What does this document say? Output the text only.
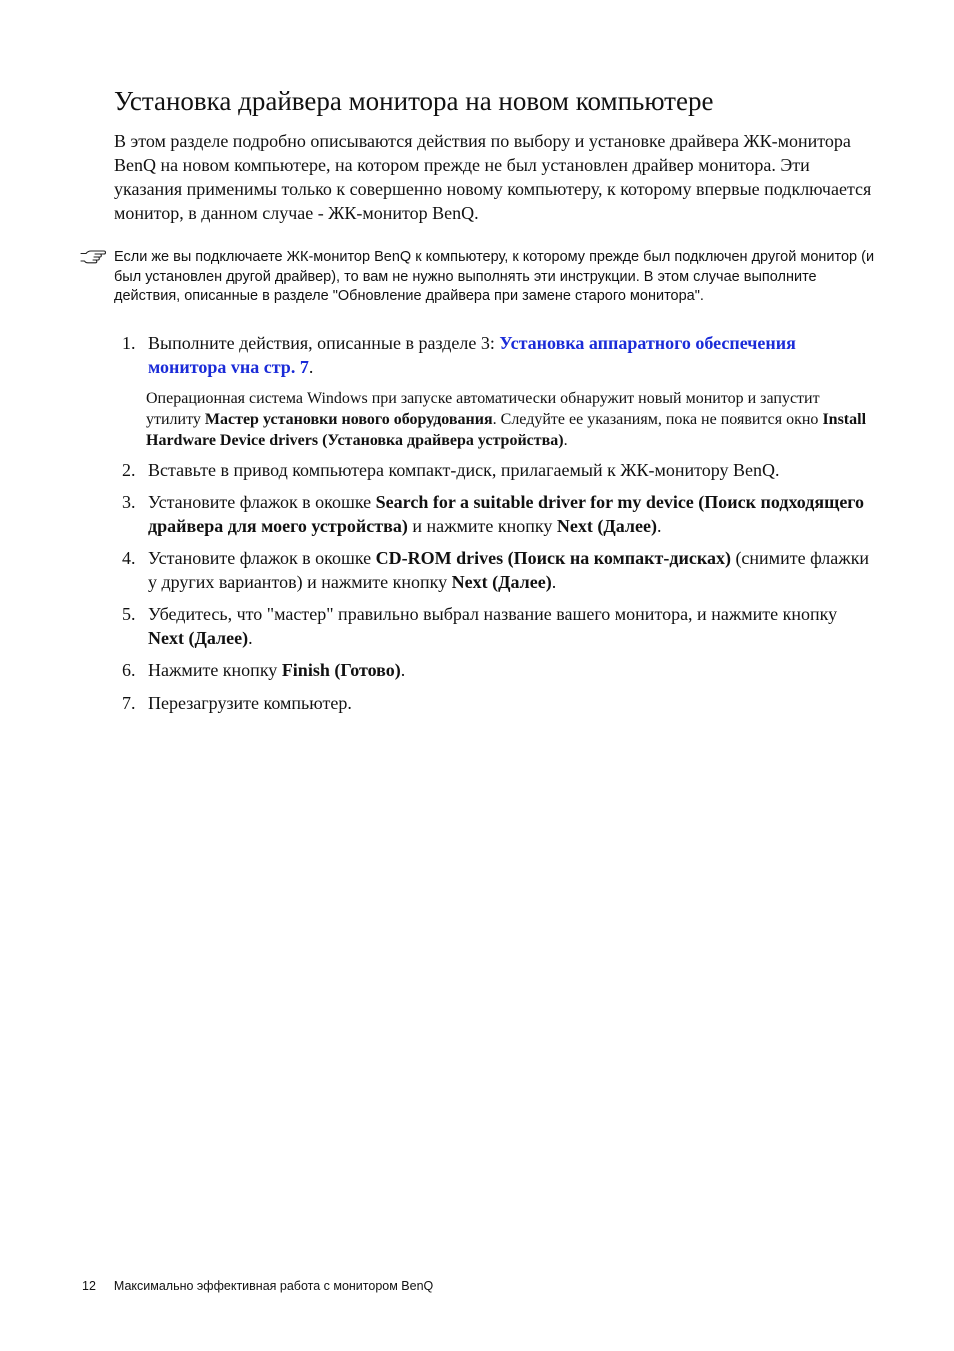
Установка драйвера монитора на новом компьютере

В этом разделе подробно описываются действия по выбору и установке драйвера ЖК-монитора BenQ на новом компьютере, на котором прежде не был установлен драйвер монитора. Эти указания применимы только к совершенно новому компьютеру, к которому впервые подключается монитор, в данном случае - ЖК-монитор BenQ.

Если же вы подключаете ЖК-монитор BenQ к компьютеру, к которому прежде был подключен другой монитор (и был установлен другой драйвер), то вам не нужно выполнять эти инструкции. В этом случае выполните действия, описанные в разделе "Обновление драйвера при замене старого монитора".

1. Выполните действия, описанные в разделе 3: Установка аппаратного обеспечения монитора vна стр. 7.

Операционная система Windows при запуске автоматически обнаружит новый монитор и запустит утилиту Мастер установки нового оборудования. Следуйте ее указаниям, пока не появится окно Install Hardware Device drivers (Установка драйвера устройства).

2. Вставьте в привод компьютера компакт-диск, прилагаемый к ЖК-монитору BenQ.
3. Установите флажок в окошке Search for a suitable driver for my device (Поиск подходящего драйвера для моего устройства) и нажмите кнопку Next (Далее).
4. Установите флажок в окошке CD-ROM drives (Поиск на компакт-дисках) (снимите флажки у других вариантов) и нажмите кнопку Next (Далее).
5. Убедитесь, что "мастер" правильно выбрал название вашего монитора, и нажмите кнопку Next (Далее).
6. Нажмите кнопку Finish (Готово).
7. Перезагрузите компьютер.
12 Максимально эффективная работа с монитором BenQ
